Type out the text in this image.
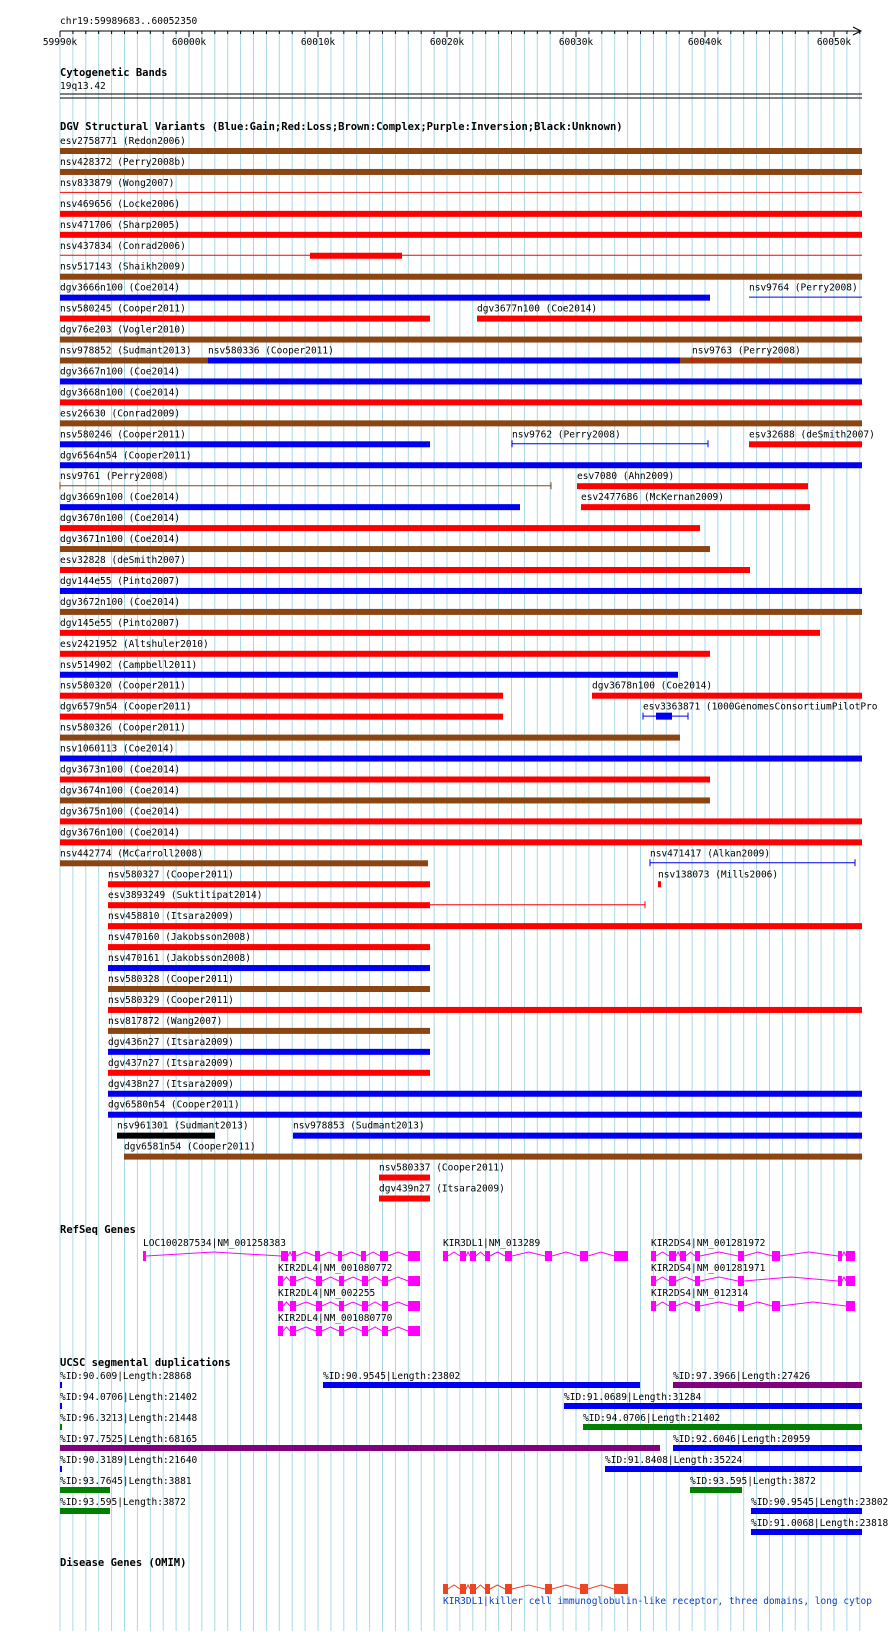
chr19:59989683..60052350
59990k	60000k	60010k	60020k	60030k	60040k	60050k
Cytogenetic Bands
19q13.42
DGV Structural Variants (Blue:Gain;Red:Loss;Brown:Complex;Purple:Inversion;Black:Unknown)
esv2758771 (Redon2006)
nsv428372 (Perry2008b)
nsv833879 (Wong2007)
nsv469656 (Locke2006)
nsv471706 (Sharp2005)
nsv437834 (Conrad2006)
nsv517143 (Shaikh2009)
dgv3666n100 (Coe2014)	nsv9764 (Perry2008)
nsv580245 (Cooper2011)	dgv3677n100 (Coe2014)
dgv76e203 (Vogler2010)
nsv978852 (Sudmant2013) nsv580336 (Cooper2011)	nsv9763 (Perry2008)
dgv3667n100 (Coe2014)
dgv3668n100 (Coe2014)
esv26630 (Conrad2009)
nsv580246 (Cooper2011)	nsv9762 (Perry2008)	esv32688 (deSmith2007)
dgv6564n54 (Cooper2011)
nsv9761 (Perry2008)	esv7080 (Ahn2009)
dgv3669n100 (Coe2014)	esv2477686 (McKernan2009)
dgv3670n100 (Coe2014)
dgv3671n100 (Coe2014)
esv32828 (deSmith2007)
dgv144e55 (Pinto2007)
dgv3672n100 (Coe2014)
dgv145e55 (Pinto2007)
esv2421952 (Altshuler2010)
nsv514902 (Campbell2011)
nsv580320 (Cooper2011)	dgv3678n100 (Coe2014)
dgv6579n54 (Cooper2011)	esv3363871 (1000GenomesConsortiumPilotPro
nsv580326 (Cooper2011)
nsv1060113 (Coe2014)
dgv3673n100 (Coe2014)
dgv3674n100 (Coe2014)
dgv3675n100 (Coe2014)
dgv3676n100 (Coe2014)
nsv442774 (McCarroll2008)	nsv471417 (Alkan2009)
nsv580327 (Cooper2011)	nsv138073 (Mills2006)
esv3893249 (Suktitipat2014)
nsv458810 (Itsara2009)
nsv470160 (Jakobsson2008)
nsv470161 (Jakobsson2008)
nsv580328 (Cooper2011)
nsv580329 (Cooper2011)
nsv817872 (Wang2007)
dgv436n27 (Itsara2009)
dgv437n27 (Itsara2009)
dgv438n27 (Itsara2009)
dgv6580n54 (Cooper2011)
nsv961301 (Sudmant2013)	nsv978853 (Sudmant2013)
dgv6581n54 (Cooper2011)
nsv580337 (Cooper2011)
dgv439n27 (Itsara2009)
RefSeq Genes
LOC100287534|NM_001258383	KIR3DL1|NM_013289	KIR2DS4|NM_001281972
KIR2DL4|NM_001080772	KIR2DS4|NM_001281971
KIR2DL4|NM_002255	KIR2DS4|NM_012314
KIR2DL4|NM_001080770
UCSC segmental duplications
%ID:90.609|Length:28868	%ID:90.9545|Length:23802	%ID:97.3966|Length:27426
%ID:94.0706|Length:21402	%ID:91.0689|Length:31284
%ID:96.3213|Length:21448	%ID:94.0706|Length:21402
%ID:97.7525|Length:68165	%ID:92.6046|Length:20959
%ID:90.3189|Length:21640	%ID:91.8408|Length:35224
%ID:93.7645|Length:3881
%ID:93.595|Length:3872
%ID:93.595|Length:3872
%ID:90.9545|Length:23802
%ID:91.0068|Length:23818
Disease Genes (OMIM)
KIR3DL1|killer cell immunoglobulin-like receptor, three domains, long cytop
